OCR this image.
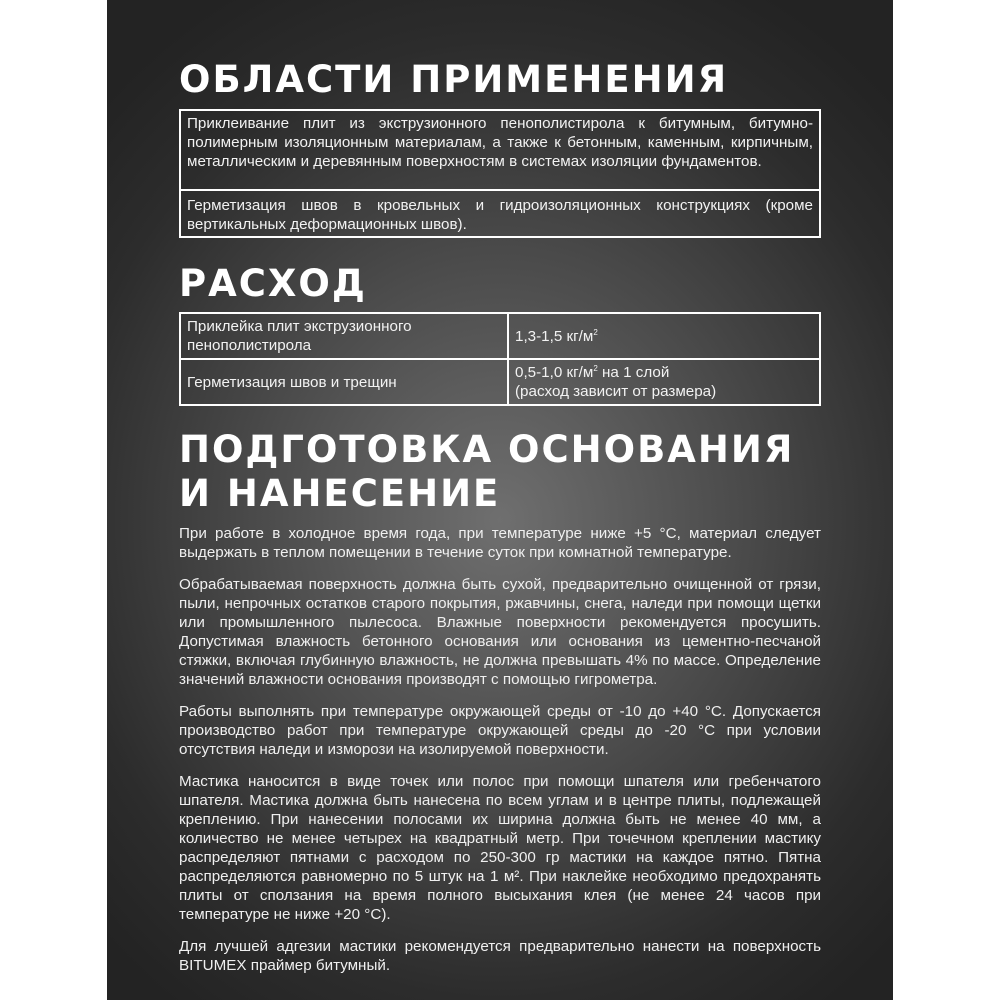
ОБЛАСТИ ПРИМЕНЕНИЯ
Приклеивание плит из экструзионного пенополистирола к битумным, битумно-полимерным изоляционным материалам, а также к бетонным, каменным, кирпичным, металлическим и деревянным поверхностям в системах изоляции фундаментов.
Герметизация швов в кровельных и гидроизоляционных конструкциях (кроме вертикальных деформационных швов).
РАСХОД
Приклейка плит экструзионного пенополистирола	1,3-1,5 $кг/м^2$
Герметизация швов и трещин	0,5-1,0 $кг/м^2$ на 1 слой
(расход зависит от размера)
ПОДГОТОВКА ОСНОВАНИЯ И НАНЕСЕНИЕ

При работе в холодное время года, при температуре ниже +5 °С, материал следует выдержать в теплом помещении в течение суток при комнатной температуре.

Обрабатываемая поверхность должна быть сухой, предварительно очищенной от грязи, пыли, непрочных остатков старого покрытия, ржавчины, снега, наледи при помощи щетки или промышленного пылесоса. Влажные поверхности рекомендуется просушить. Допустимая влажность бетонного основания или основания из цементно-песчаной стяжки, включая глубинную влажность, не должна превышать 4% по массе. Определение значений влажности основания производят с помощью гигрометра.

Работы выполнять при температуре окружающей среды от -10 до +40 °С. Допускается производство работ при температуре окружающей среды до -20 °С при условии отсутствия наледи и изморози на изолируемой поверхности.

Мастика наносится в виде точек или полос при помощи шпателя или гребенчатого шпателя. Мастика должна быть нанесена по всем углам и в центре плиты, подлежащей креплению. При нанесении полосами их ширина должна быть не менее 40 мм, а количество не менее четырех на квадратный метр. При точечном креплении мастику распределяют пятнами с расходом по 250-300 гр мастики на каждое пятно. Пятна распределяются равномерно по 5 штук на 1 м². При наклейке необходимо предохранять плиты от сползания на время полного высыхания клея (не менее 24 часов при температуре не ниже +20 °С).

Для лучшей адгезии мастики рекомендуется предварительно нанести на поверхность BITUMEX праймер битумный.
